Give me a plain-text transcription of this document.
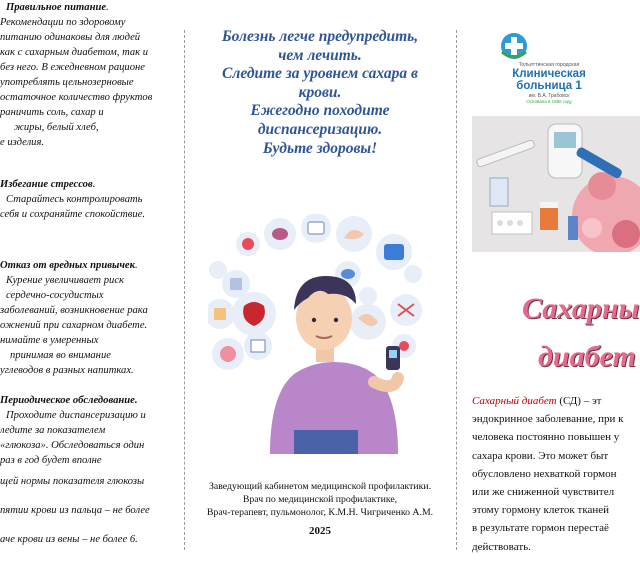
Правильное питание.

Рекомендации по здоровому

питанию одинаковы для людей

как с сахарным диабетом, так и

без него. В ежедневном рационе

употреблять цельнозерновые

остаточное количество фруктов

раничить соль, сахар и

жиры, белый хлеб,

е изделия.

Избегание стрессов.

Старайтесь контролировать

себя и сохраняйте спокойствие.

Отказ от вредных привычек.

Курение увеличивает риск

сердечно-сосудистых

заболеваний, возникновение рака

ожнений при сахарном диабете.

нимайте в умеренных

принимая во внимание

углеводов в разных напитках.

Периодическое обследование.

Проходите диспансеризацию и

ледите за показателем

«глюкоза». Обследоваться один

раз в год будет вполне

щей нормы показателя глюкозы

пятии крови из пальца – не более

аче крови из вены – не более 6.

Болезнь легче предупредить,
чем лечить.
Следите за уровнем сахара в
крови.
Ежегодно походите
диспансеризацию.
Будьте здоровы!
Заведующий кабинетом медицинской профилактики.
Врач по медицинской профилактике,
Врач-терапевт, пульмонолог, К.М.Н. Чигриченко А.М.
2025
Тольяттинская городская
Клиническая
больница 1
им. В.А. Грабовск
Основана в 1956 году
Сахарны
диабет
Сахарный диабет (СД) – эт
эндокринное заболевание, при к
человека постоянно повышен у
сахара крови. Это может быт
обусловлено нехваткой гормон
или же сниженной чувствител
этому гормону клеток тканей
в результате гормон перестаё
действовать.
